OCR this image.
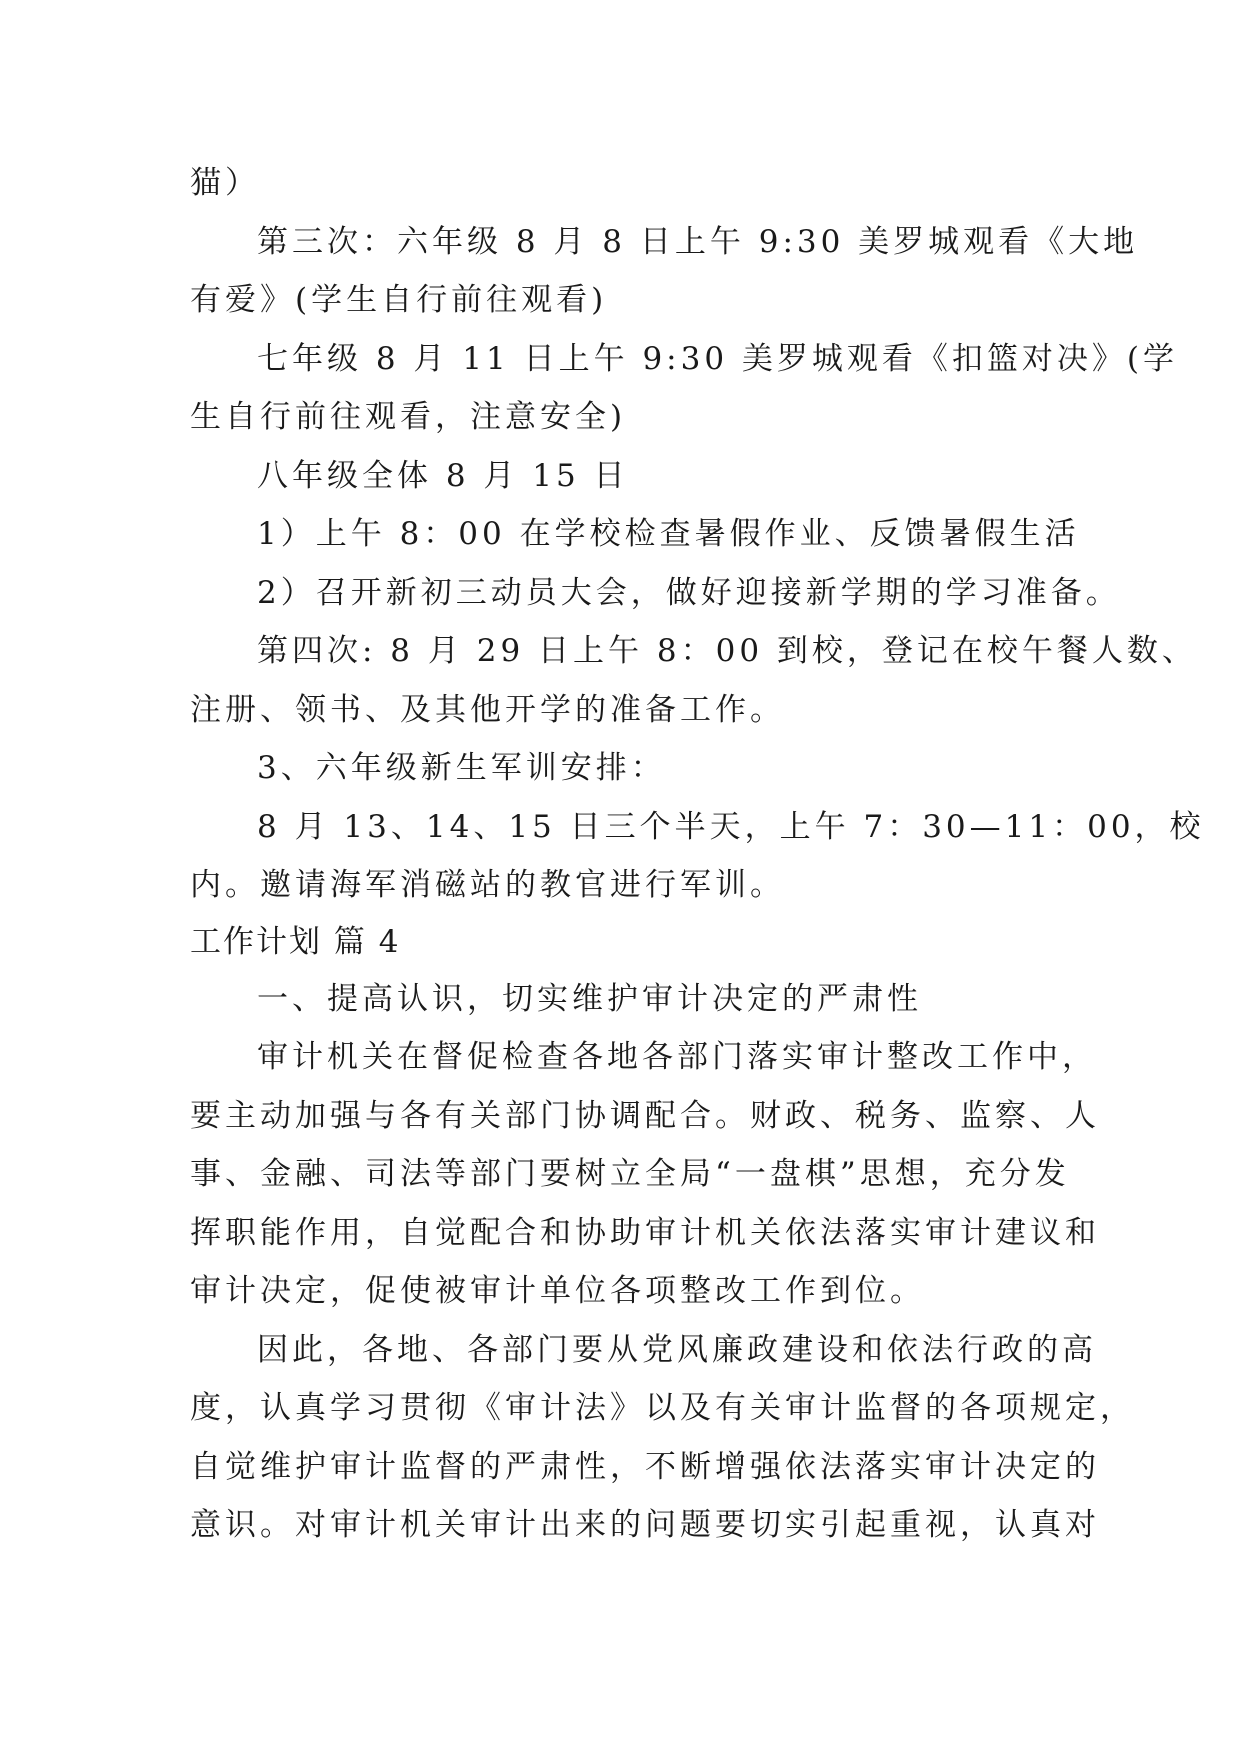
猫）
第三次：六年级 8 月 8 日上午 9:30 美罗城观看《大地
有爱》(学生自行前往观看)
七年级 8 月 11 日上午 9:30 美罗城观看《扣篮对决》(学
生自行前往观看，注意安全)
八年级全体 8 月 15 日
1）上午 8：00 在学校检查暑假作业、反馈暑假生活
2）召开新初三动员大会，做好迎接新学期的学习准备。
第四次: 8 月 29 日上午 8：00 到校，登记在校午餐人数、
注册、领书、及其他开学的准备工作。
3、六年级新生军训安排：
8 月 13、14、15 日三个半天，上午 7：30—11：00，校
内。邀请海军消磁站的教官进行军训。
工作计划 篇 4
一、提高认识，切实维护审计决定的严肃性
审计机关在督促检查各地各部门落实审计整改工作中，
要主动加强与各有关部门协调配合。财政、税务、监察、人
事、金融、司法等部门要树立全局“一盘棋”思想，充分发
挥职能作用，自觉配合和协助审计机关依法落实审计建议和
审计决定，促使被审计单位各项整改工作到位。
因此，各地、各部门要从党风廉政建设和依法行政的高
度，认真学习贯彻《审计法》以及有关审计监督的各项规定，
自觉维护审计监督的严肃性，不断增强依法落实审计决定的
意识。对审计机关审计出来的问题要切实引起重视，认真对
